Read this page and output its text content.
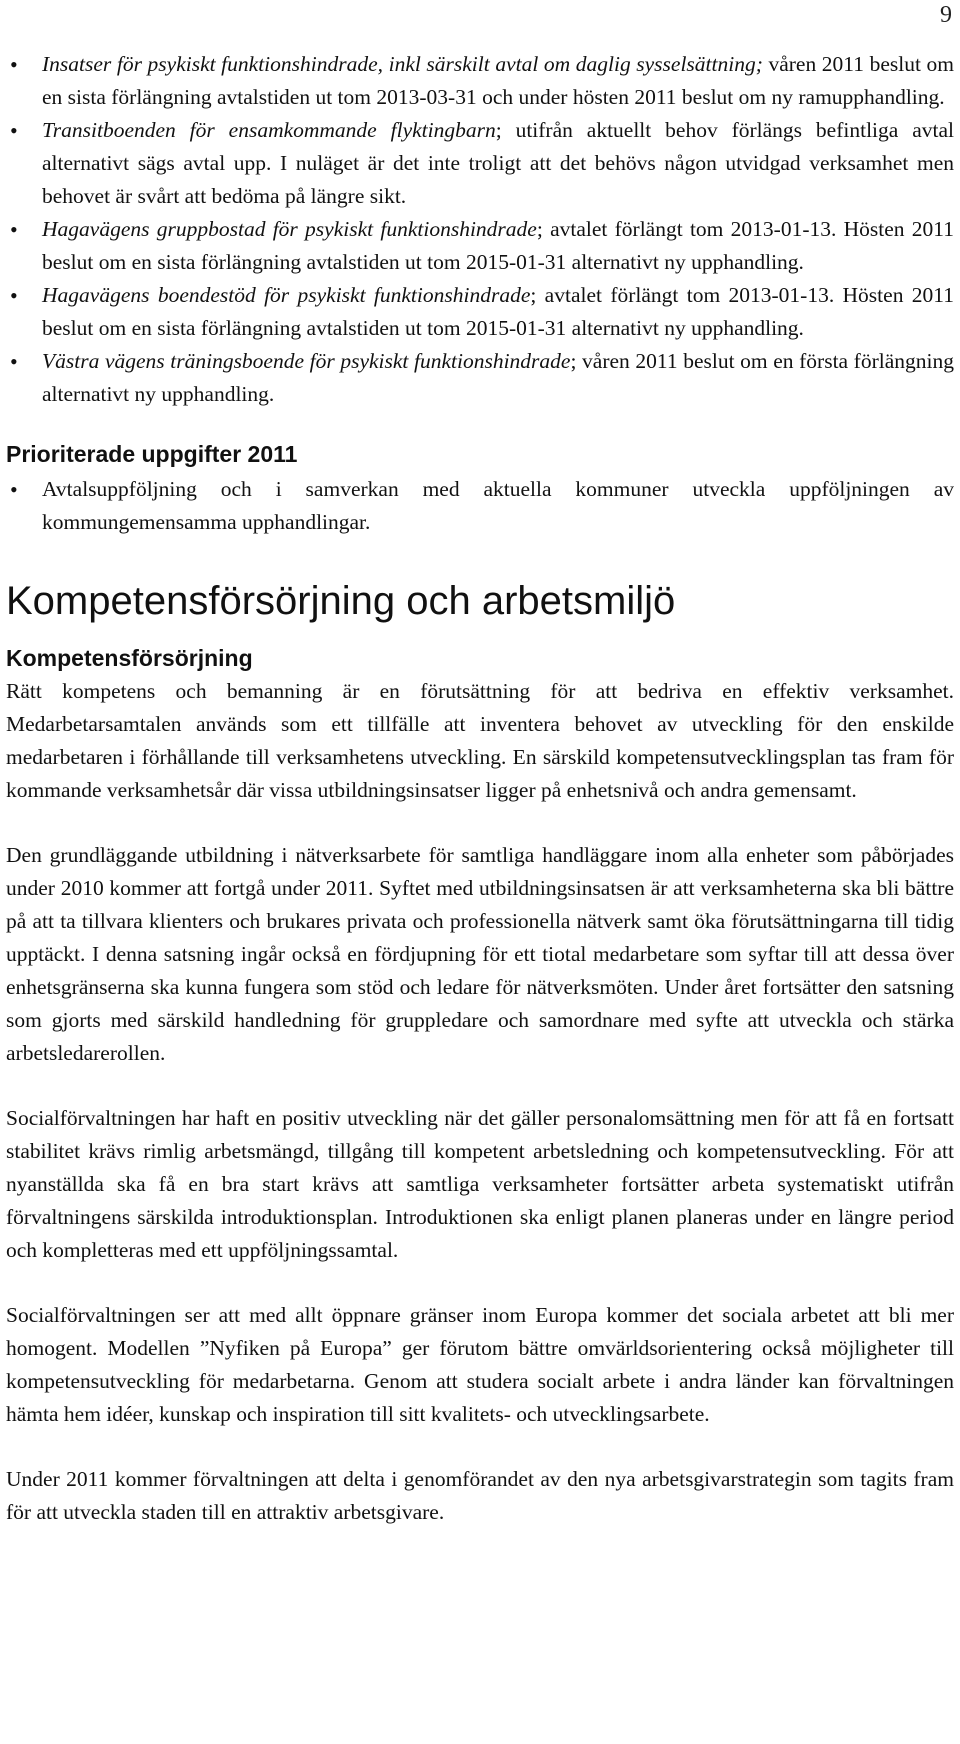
9
• Insatser för psykiskt funktionshindrade, inkl särskilt avtal om daglig sysselsättning; våren 2011 beslut om en sista förlängning avtalstiden ut tom 2013-03-31 och under hösten 2011 beslut om ny ramupphandling.
• Transitboenden för ensamkommande flyktingbarn; utifrån aktuellt behov förlängs befintliga avtal alternativt sägs avtal upp. I nuläget är det inte troligt att det behövs någon utvidgad verksamhet men behovet är svårt att bedöma på längre sikt.
• Hagavägens gruppbostad för psykiskt funktionshindrade; avtalet förlängt tom 2013-01-13. Hösten 2011 beslut om en sista förlängning avtalstiden ut tom 2015-01-31 alternativt ny upphandling.
• Hagavägens boendestöd för psykiskt funktionshindrade; avtalet förlängt tom 2013-01-13. Hösten 2011 beslut om en sista förlängning avtalstiden ut tom 2015-01-31 alternativt ny upphandling.
• Västra vägens träningsboende för psykiskt funktionshindrade; våren 2011 beslut om en första förlängning alternativt ny upphandling.
Prioriterade uppgifter 2011
• Avtalsuppföljning och i samverkan med aktuella kommuner utveckla uppföljningen av kommungemensamma upphandlingar.
Kompetensförsörjning och arbetsmiljö
Kompetensförsörjning

Rätt kompetens och bemanning är en förutsättning för att bedriva en effektiv verksamhet. Medarbetarsamtalen används som ett tillfälle att inventera behovet av utveckling för den enskilde medarbetaren i förhållande till verksamhetens utveckling. En särskild kompetensutvecklingsplan tas fram för kommande verksamhetsår där vissa utbildningsinsatser ligger på enhetsnivå och andra gemensamt.

Den grundläggande utbildning i nätverksarbete för samtliga handläggare inom alla enheter som påbörjades under 2010 kommer att fortgå under 2011. Syftet med utbildningsinsatsen är att verksamheterna ska bli bättre på att ta tillvara klienters och brukares privata och professionella nätverk samt öka förutsättningarna till tidig upptäckt. I denna satsning ingår också en fördjupning för ett tiotal medarbetare som syftar till att dessa över enhetsgränserna ska kunna fungera som stöd och ledare för nätverksmöten. Under året fortsätter den satsning som gjorts med särskild handledning för gruppledare och samordnare med syfte att utveckla och stärka arbetsledarerollen.

Socialförvaltningen har haft en positiv utveckling när det gäller personalomsättning men för att få en fortsatt stabilitet krävs rimlig arbetsmängd, tillgång till kompetent arbetsledning och kompetensutveckling. För att nyanställda ska få en bra start krävs att samtliga verksamheter fortsätter arbeta systematiskt utifrån förvaltningens särskilda introduktionsplan. Introduktionen ska enligt planen planeras under en längre period och kompletteras med ett uppföljningssamtal.

Socialförvaltningen ser att med allt öppnare gränser inom Europa kommer det sociala arbetet att bli mer homogent. Modellen ”Nyfiken på Europa” ger förutom bättre omvärldsorientering också möjligheter till kompetensutveckling för medarbetarna. Genom att studera socialt arbete i andra länder kan förvaltningen hämta hem idéer, kunskap och inspiration till sitt kvalitets- och utvecklingsarbete.

Under 2011 kommer förvaltningen att delta i genomförandet av den nya arbetsgivarstrategin som tagits fram för att utveckla staden till en attraktiv arbetsgivare.
